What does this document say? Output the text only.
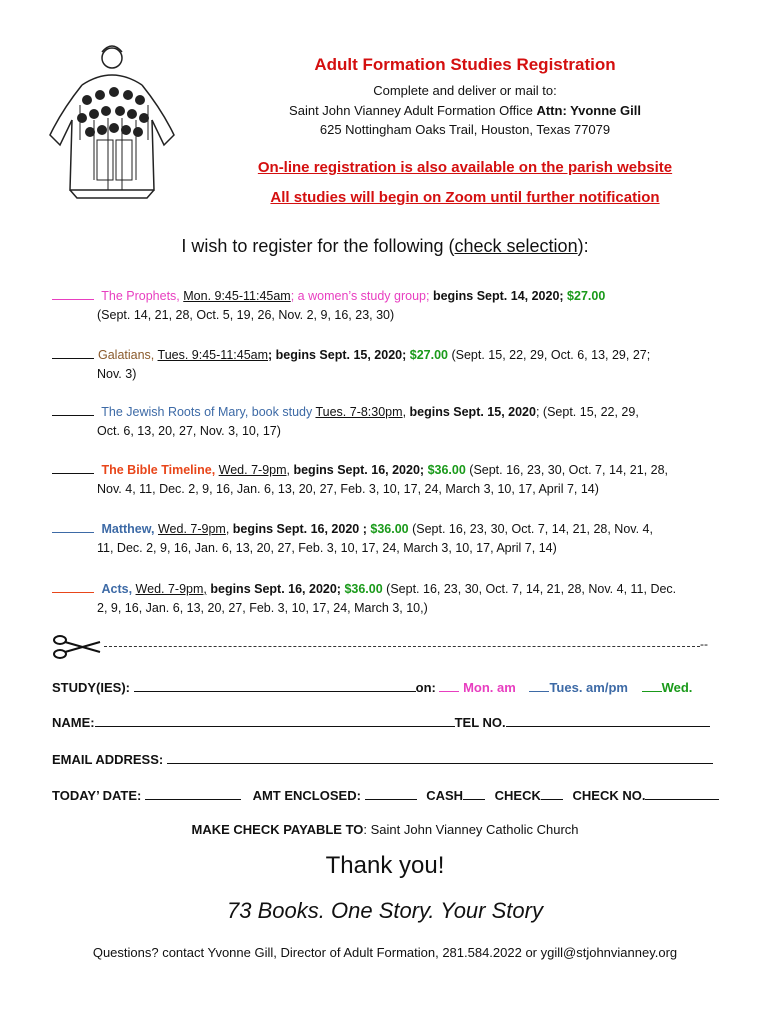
Adult Formation Studies Registration
Complete and deliver or mail to:
Saint John Vianney Adult Formation Office Attn: Yvonne Gill
625 Nottingham Oaks Trail, Houston, Texas 77079
On-line registration is also available on the parish website
All studies will begin on Zoom until further notification
I wish to register for the following (check selection):
The Prophets, Mon. 9:45-11:45am; a women’s study group; begins Sept. 14, 2020; $27.00
(Sept. 14, 21, 28, Oct. 5, 19, 26, Nov. 2, 9, 16, 23, 30)
Galatians, Tues. 9:45-11:45am; begins Sept. 15, 2020; $27.00 (Sept. 15, 22, 29, Oct. 6, 13, 29, 27;
Nov. 3)
The Jewish Roots of Mary, book study Tues. 7-8:30pm, begins Sept. 15, 2020; (Sept. 15, 22, 29,
Oct. 6, 13, 20, 27, Nov. 3, 10, 17)
The Bible Timeline, Wed. 7-9pm, begins Sept. 16, 2020; $36.00 (Sept. 16, 23, 30, Oct. 7, 14, 21, 28,
Nov. 4, 11, Dec. 2, 9, 16, Jan. 6, 13, 20, 27, Feb. 3, 10, 17, 24, March 3, 10, 17, April 7, 14)
Matthew, Wed. 7-9pm, begins Sept. 16, 2020 ; $36.00 (Sept. 16, 23, 30, Oct. 7, 14, 21, 28, Nov. 4,
11, Dec. 2, 9, 16, Jan. 6, 13, 20, 27, Feb. 3, 10, 17, 24, March 3, 10, 17, April 7, 14)
Acts, Wed. 7-9pm, begins Sept. 16, 2020; $36.00 (Sept. 16, 23, 30, Oct. 7, 14, 21, 28, Nov. 4, 11, Dec.
2, 9, 16, Jan. 6, 13, 20, 27, Feb. 3, 10, 17, 24, March 3, 10,)
--
STUDY(IES):	on: Mon. am	Tues. am/pm	Wed.
NAME:	TEL NO.
EMAIL ADDRESS:
TODAY’ DATE:	AMT ENCLOSED:	CASH CHECK CHECK NO.
MAKE CHECK PAYABLE TO: Saint John Vianney Catholic Church
Thank you!
73 Books. One Story. Your Story
Questions? contact Yvonne Gill, Director of Adult Formation, 281.584.2022 or ygill@stjohnvianney.org
